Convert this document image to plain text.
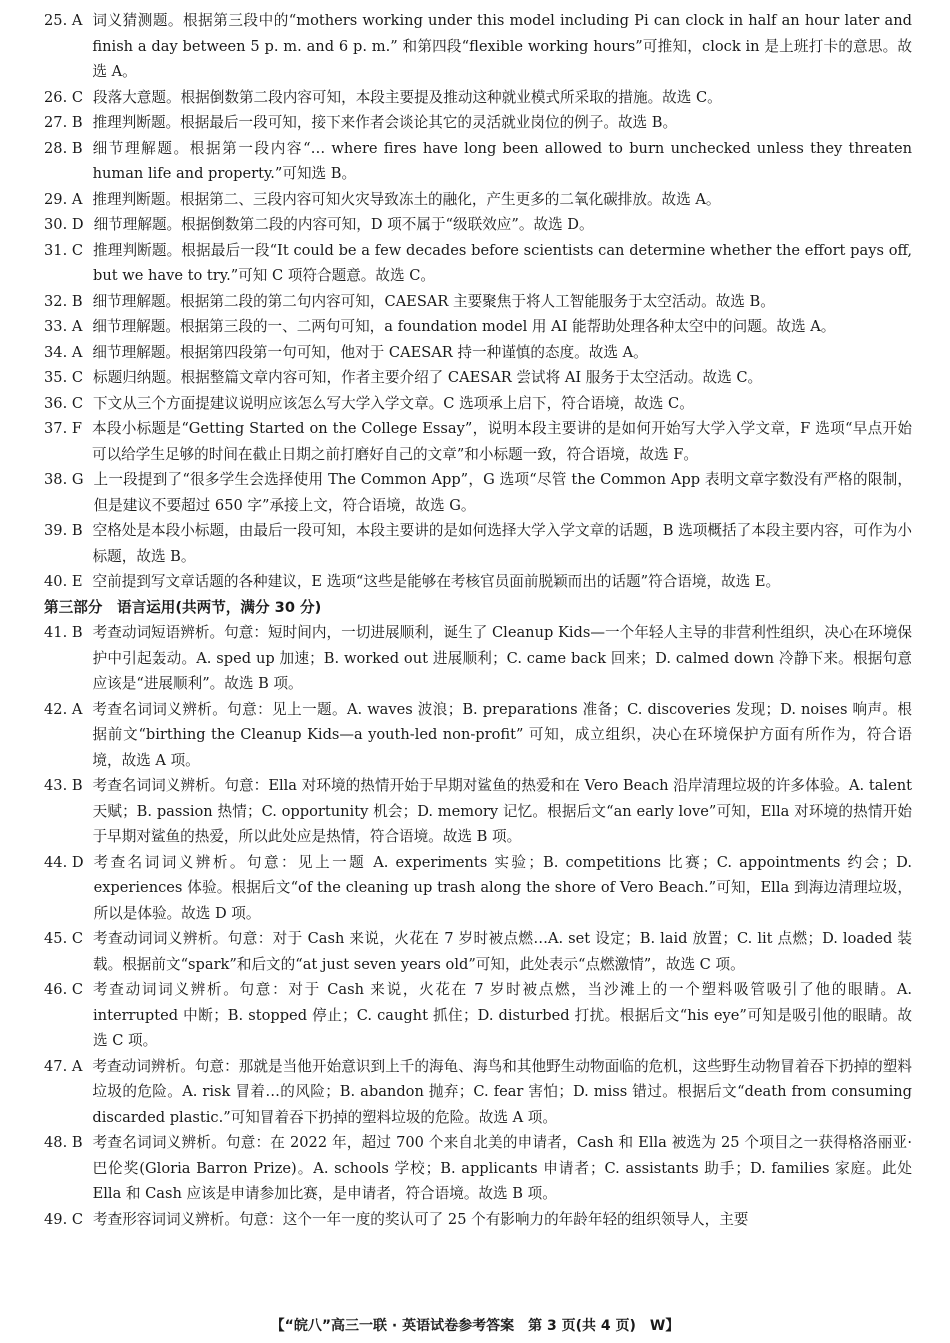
25. A 词义猜测题。根据第三段中的“mothers working under this model including Pi can clock in half an hour later and finish a day between 5 p. m. and 6 p. m.” 和第四段“flexible working hours”可推知，clock in 是上班打卡的意思。故选 A。
26. C 段落大意题。根据倒数第二段内容可知，本段主要提及推动这种就业模式所采取的措施。故选 C。
27. B 推理判断题。根据最后一段可知，接下来作者会谈论其它的灵活就业岗位的例子。故选 B。
28. B 细节理解题。根据第一段内容“… where fires have long been allowed to burn unchecked unless they threaten human life and property.”可知选 B。
29. A 推理判断题。根据第二、三段内容可知火灾导致冻土的融化，产生更多的二氧化碳排放。故选 A。
30. D 细节理解题。根据倒数第二段的内容可知，D 项不属于“级联效应”。故选 D。
31. C 推理判断题。根据最后一段“It could be a few decades before scientists can determine whether the effort pays off, but we have to try.”可知 C 项符合题意。故选 C。
32. B 细节理解题。根据第二段的第二句内容可知，CAESAR 主要聚焦于将人工智能服务于太空活动。故选 B。
33. A 细节理解题。根据第三段的一、二两句可知，a foundation model 用 AI 能帮助处理各种太空中的问题。故选 A。
34. A 细节理解题。根据第四段第一句可知，他对于 CAESAR 持一种谨慎的态度。故选 A。
35. C 标题归纳题。根据整篇文章内容可知，作者主要介绍了 CAESAR 尝试将 AI 服务于太空活动。故选 C。
36. C 下文从三个方面提建议说明应该怎么写大学入学文章。C 选项承上启下，符合语境，故选 C。
37. F 本段小标题是“Getting Started on the College Essay”，说明本段主要讲的是如何开始写大学入学文章，F 选项“早点开始可以给学生足够的时间在截止日期之前打磨好自己的文章”和小标题一致，符合语境，故选 F。
38. G 上一段提到了“很多学生会选择使用 The Common App”，G 选项“尽管 the Common App 表明文章字数没有严格的限制，但是建议不要超过 650 字”承接上文，符合语境，故选 G。
39. B 空格处是本段小标题，由最后一段可知，本段主要讲的是如何选择大学入学文章的话题，B 选项概括了本段主要内容，可作为小标题，故选 B。
40. E 空前提到写文章话题的各种建议，E 选项“这些是能够在考核官员面前脱颖而出的话题”符合语境，故选 E。
第三部分　语言运用(共两节，满分 30 分)
41. B 考查动词短语辨析。句意：短时间内，一切进展顺利，诞生了 Cleanup Kids—一个年轻人主导的非营利性组织，决心在环境保护中引起轰动。A. sped up 加速；B. worked out 进展顺利；C. came back 回来；D. calmed down 冷静下来。根据句意应该是“进展顺利”。故选 B 项。
42. A 考查名词词义辨析。句意：见上一题。A. waves 波浪；B. preparations 准备；C. discoveries 发现；D. noises 响声。根据前文“birthing the Cleanup Kids—a youth-led non-profit” 可知，成立组织，决心在环境保护方面有所作为，符合语境，故选 A 项。
43. B 考查名词词义辨析。句意：Ella 对环境的热情开始于早期对鲨鱼的热爱和在 Vero Beach 沿岸清理垃圾的许多体验。A. talent 天赋；B. passion 热情；C. opportunity 机会；D. memory 记忆。根据后文“an early love”可知，Ella 对环境的热情开始于早期对鲨鱼的热爱，所以此处应是热情，符合语境。故选 B 项。
44. D 考查名词词义辨析。句意：见上一题 A. experiments 实验；B. competitions 比赛；C. appointments 约会；D. experiences 体验。根据后文“of the cleaning up trash along the shore of Vero Beach.”可知，Ella 到海边清理垃圾，所以是体验。故选 D 项。
45. C 考查动词词义辨析。句意：对于 Cash 来说，火花在 7 岁时被点燃…A. set 设定；B. laid 放置；C. lit 点燃；D. loaded 装载。根据前文“spark”和后文的“at just seven years old”可知，此处表示“点燃激情”，故选 C 项。
46. C 考查动词词义辨析。句意：对于 Cash 来说，火花在 7 岁时被点燃，当沙滩上的一个塑料吸管吸引了他的眼睛。A. interrupted 中断；B. stopped 停止；C. caught 抓住；D. disturbed 打扰。根据后文“his eye”可知是吸引他的眼睛。故选 C 项。
47. A 考查动词辨析。句意：那就是当他开始意识到上千的海龟、海鸟和其他野生动物面临的危机，这些野生动物冒着吞下扔掉的塑料垃圾的危险。A. risk 冒着…的风险；B. abandon 抛弃；C. fear 害怕；D. miss 错过。根据后文“death from consuming discarded plastic.”可知冒着吞下扔掉的塑料垃圾的危险。故选 A 项。
48. B 考查名词词义辨析。句意：在 2022 年，超过 700 个来自北美的申请者，Cash 和 Ella 被选为 25 个项目之一获得格洛丽亚·巴伦奖(Gloria Barron Prize)。A. schools 学校；B. applicants 申请者；C. assistants 助手；D. families 家庭。此处 Ella 和 Cash 应该是申请参加比赛，是申请者，符合语境。故选 B 项。
49. C 考查形容词词义辨析。句意：这个一年一度的奖认可了 25 个有影响力的年龄年轻的组织领导人，主要
【“皖八”高三一联 · 英语试卷参考答案　第 3 页(共 4 页)　W】
